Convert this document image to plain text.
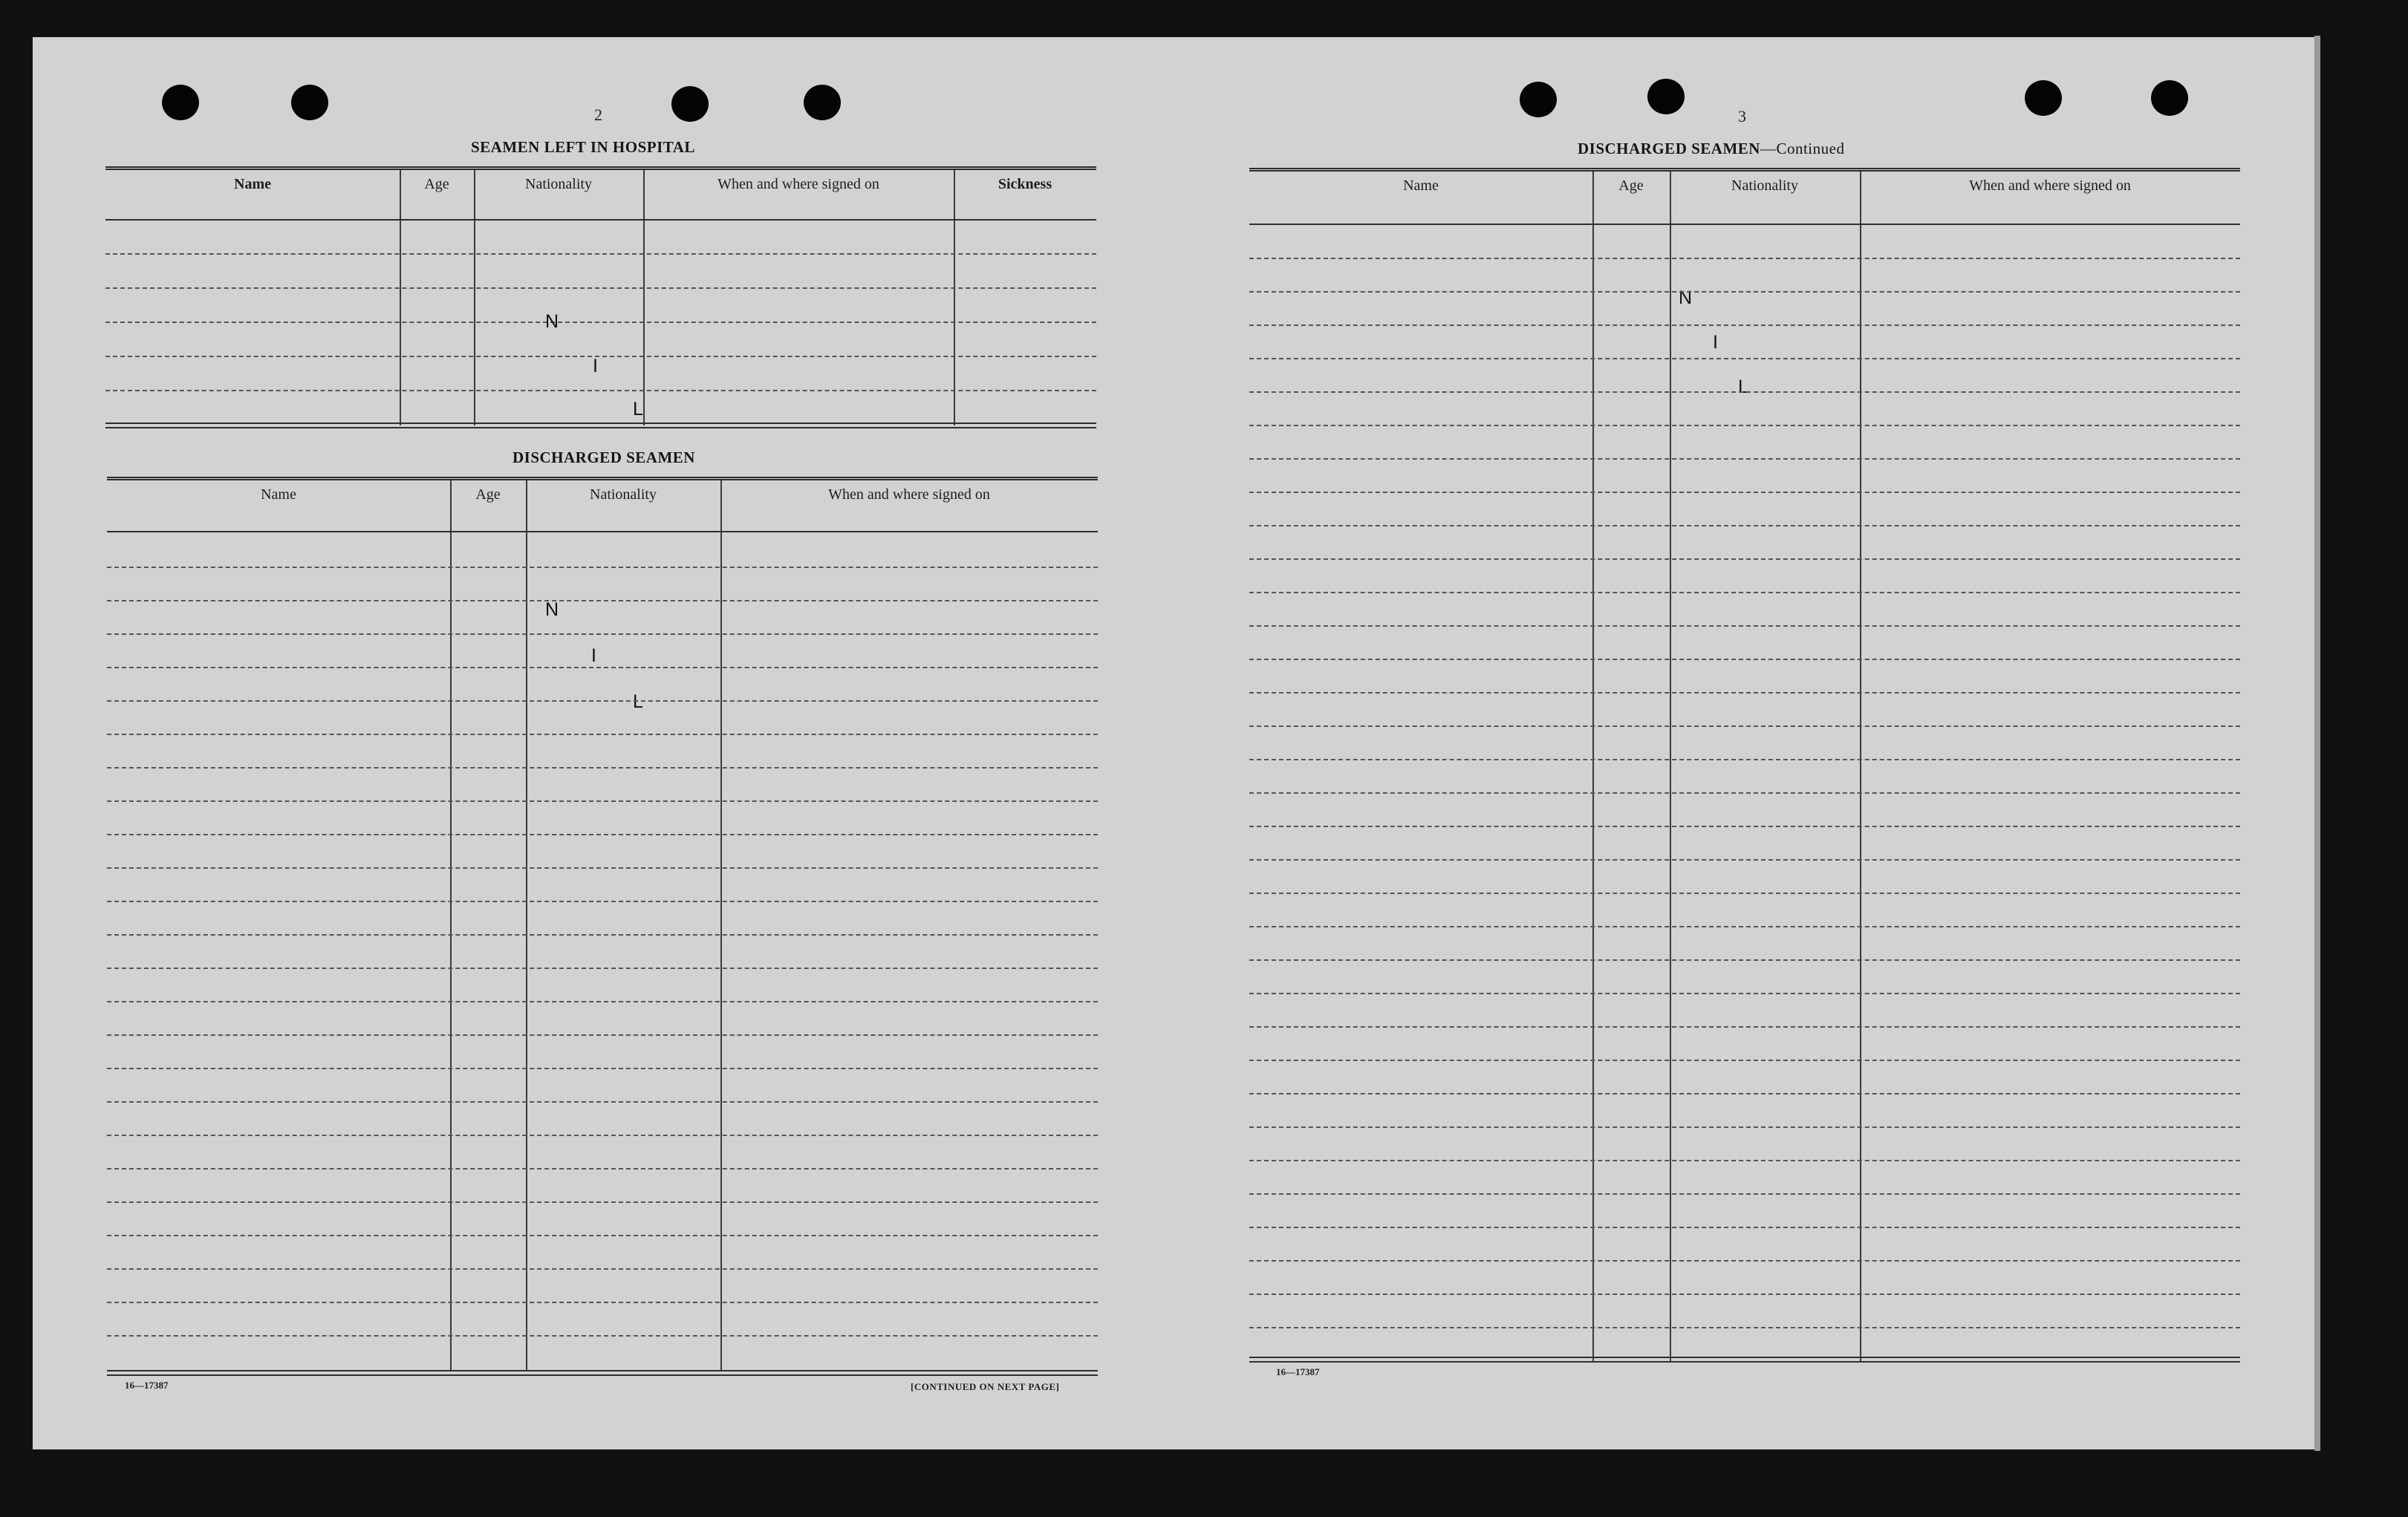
2
SEAMEN LEFT IN HOSPITAL
Name	Age	Nationality	When and where signed on	Sickness
N
I
L
DISCHARGED SEAMEN
Name	Age	Nationality	When and where signed on
N
I
L
16—17387	[CONTINUED ON NEXT PAGE]
3
DISCHARGED SEAMEN—Continued
Name	Age	Nationality	When and where signed on
N
I
L
16—17387
